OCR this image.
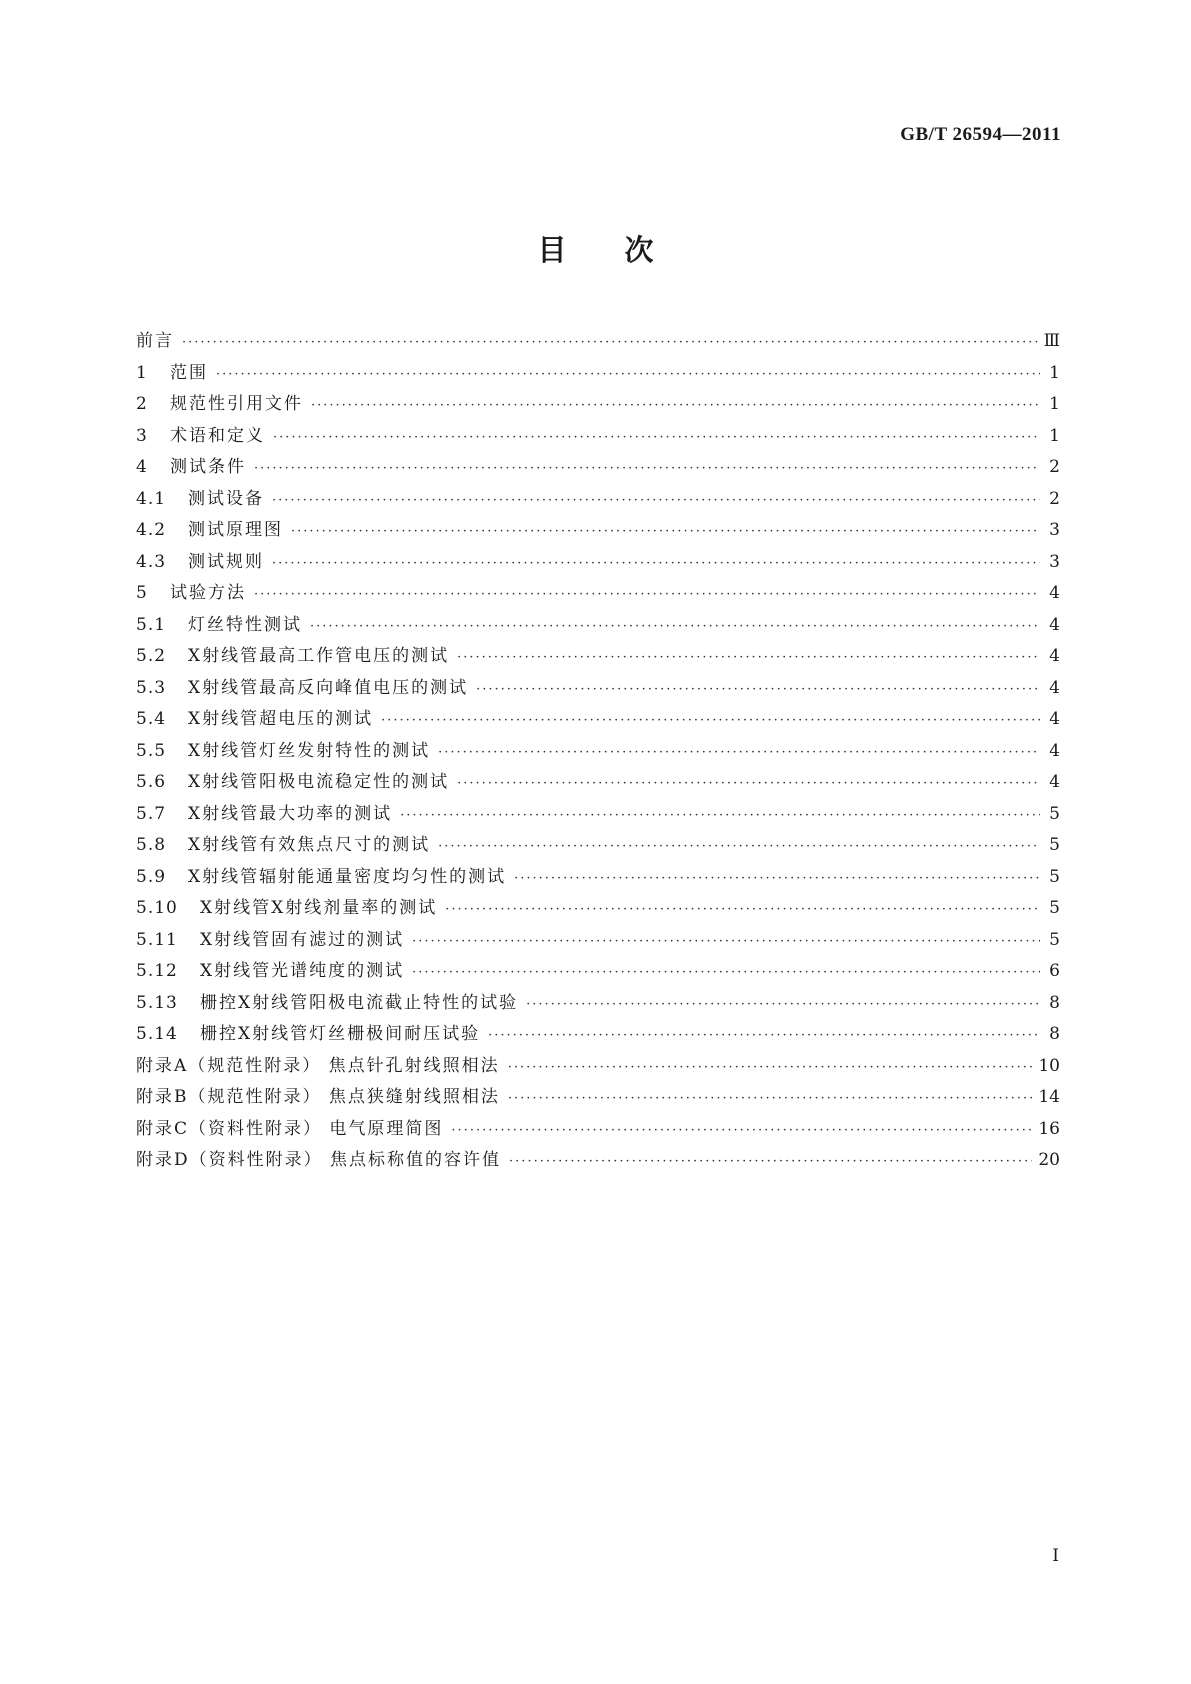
GB/T 26594—2011
目次
前言 ·····	Ⅲ
1	范围 ·····	1
2	规范性引用文件 ·····	1
3	术语和定义 ·····	1
4	测试条件 ·····	2
4.1	测试设备 ·····	2
4.2	测试原理图 ·····	3
4.3	测试规则 ·····	3
5	试验方法 ·····	4
5.1	灯丝特性测试 ·····	4
5.2	X射线管最高工作管电压的测试 ·····	4
5.3	X射线管最高反向峰值电压的测试 ·····	4
5.4	X射线管超电压的测试 ·····	4
5.5	X射线管灯丝发射特性的测试 ·····	4
5.6	X射线管阳极电流稳定性的测试 ·····	4
5.7	X射线管最大功率的测试 ·····	5
5.8	X射线管有效焦点尺寸的测试 ·····	5
5.9	X射线管辐射能通量密度均匀性的测试 ·····	5
5.10	X射线管X射线剂量率的测试 ·····	5
5.11	X射线管固有滤过的测试 ·····	5
5.12	X射线管光谱纯度的测试 ·····	6
5.13	栅控X射线管阳极电流截止特性的试验 ·····	8
5.14	栅控X射线管灯丝栅极间耐压试验 ·····	8
附录A（规范性附录） 焦点针孔射线照相法 ·····	10
附录B（规范性附录） 焦点狭缝射线照相法 ·····	14
附录C（资料性附录） 电气原理简图 ·····	16
附录D（资料性附录） 焦点标称值的容许值 ·····	20
I
